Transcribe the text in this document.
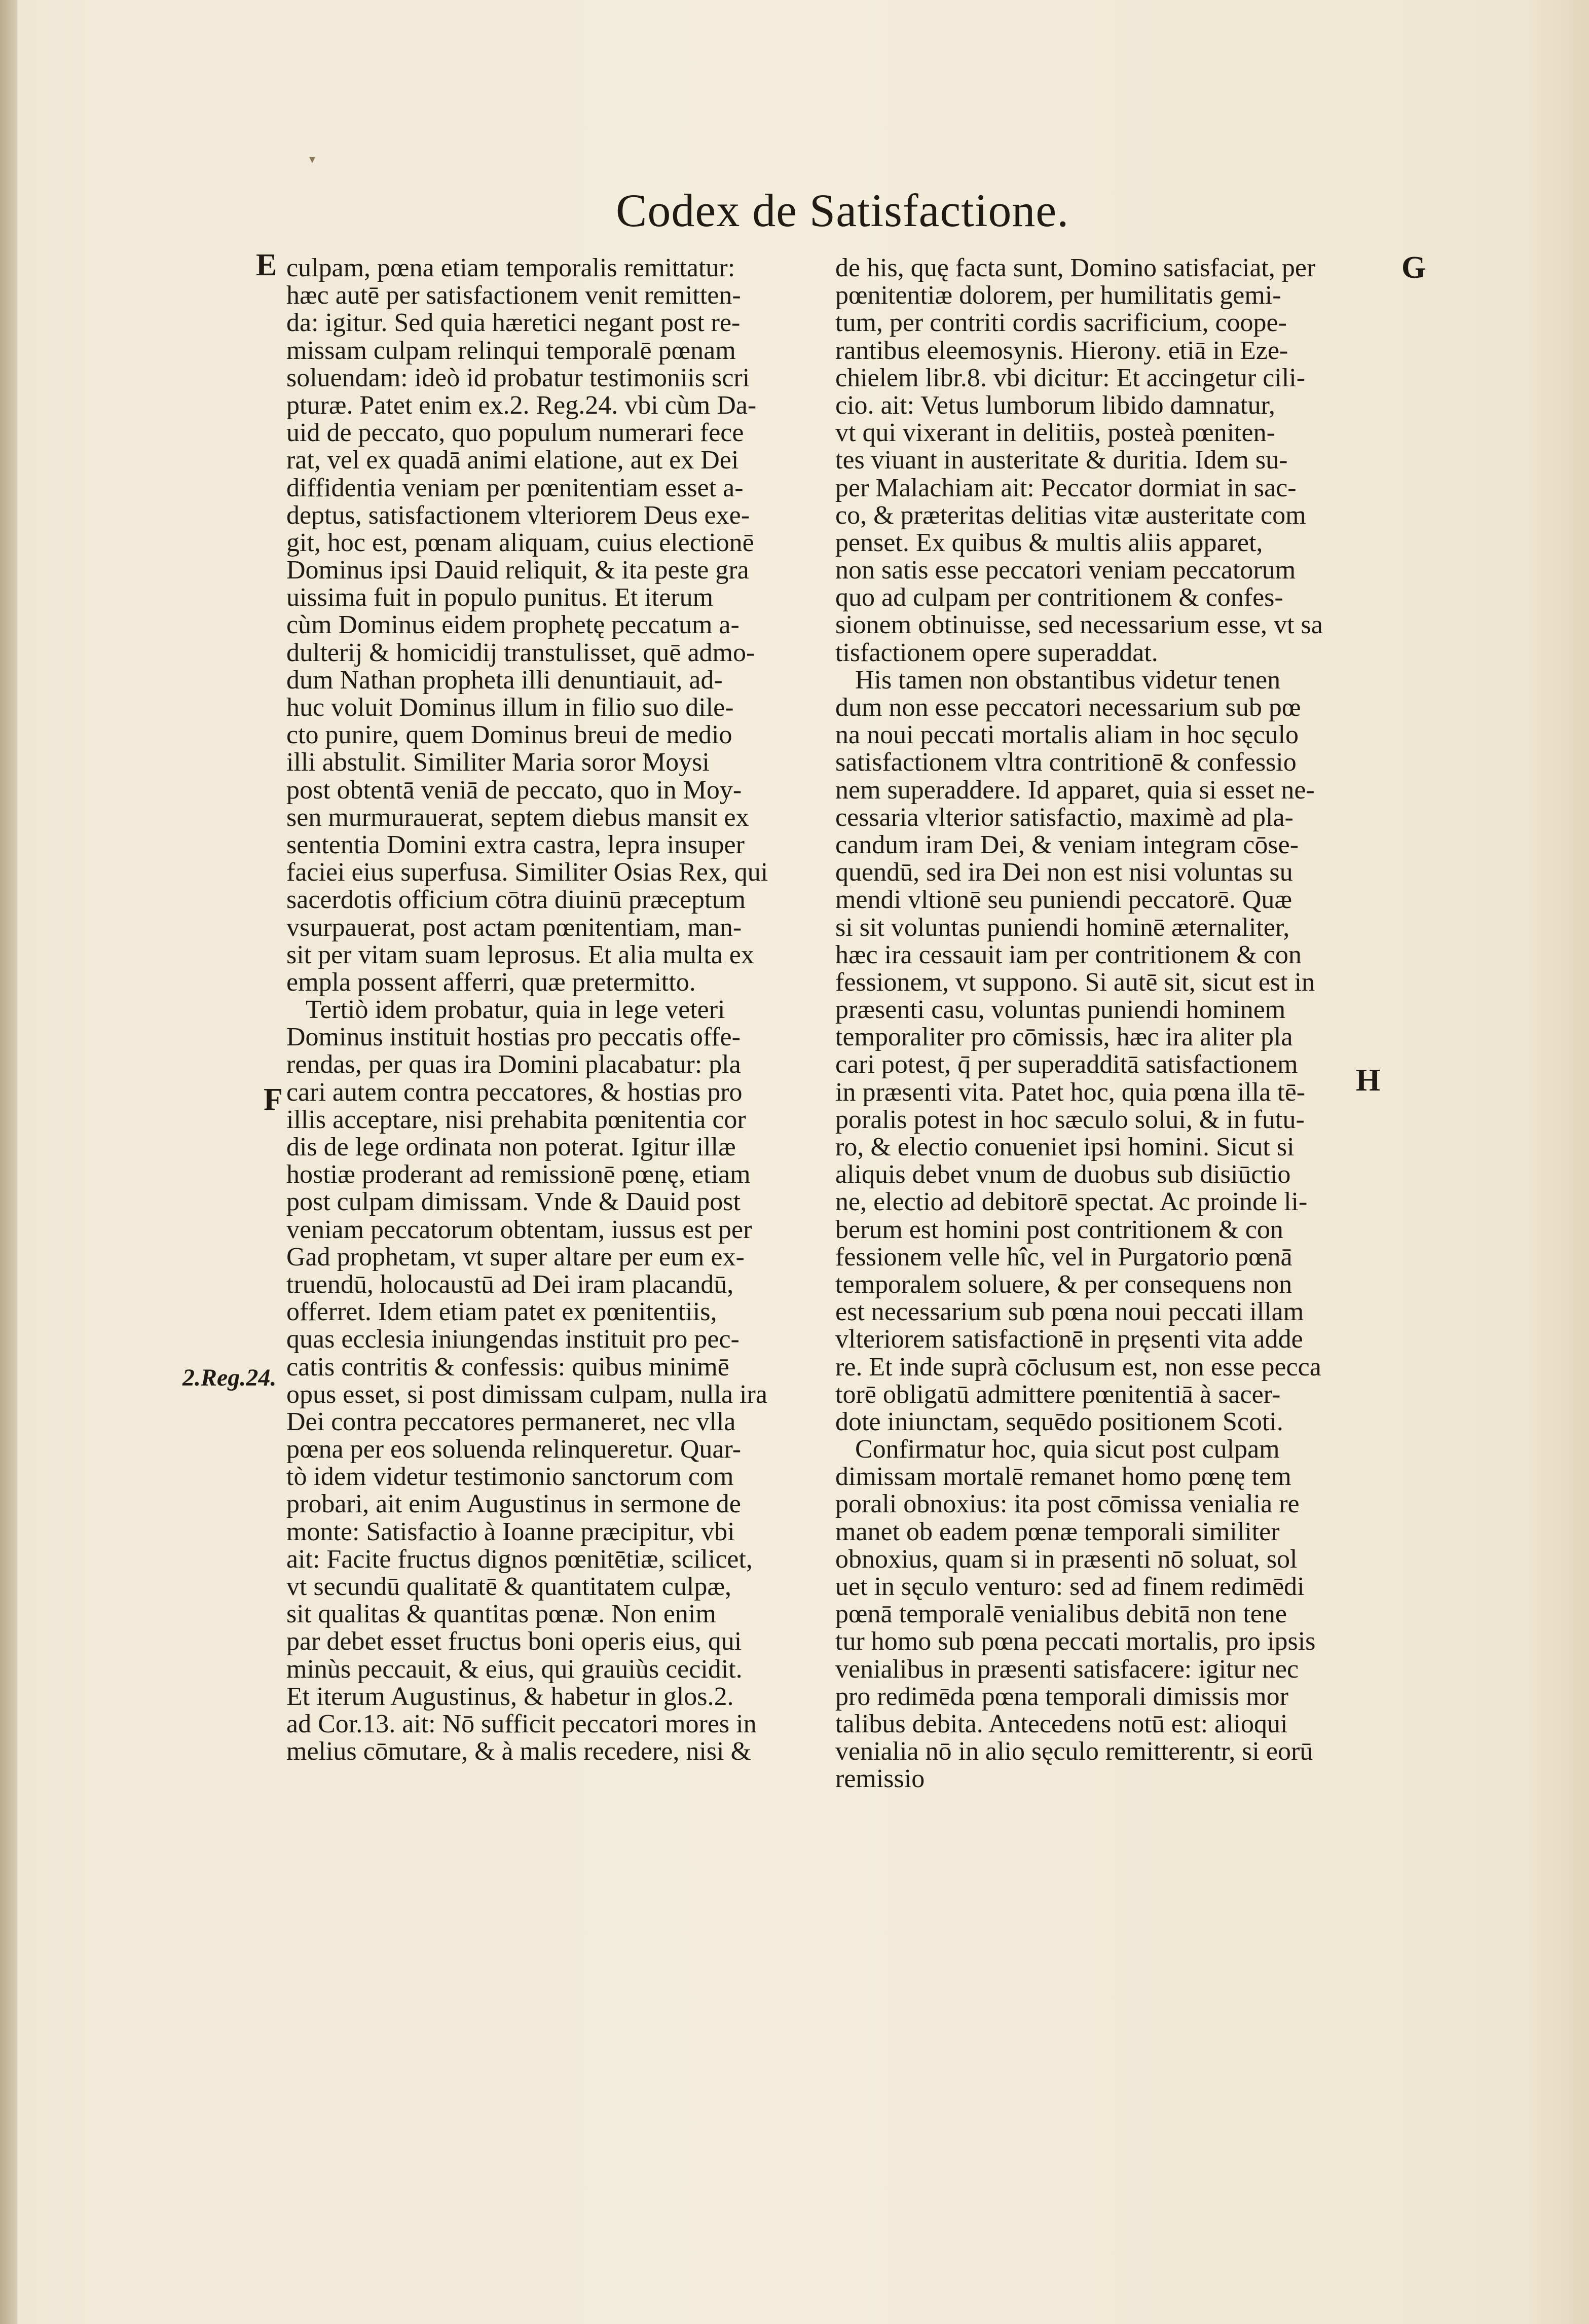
▾
Codex de Satisfactione.
E
F
G
H
2.Reg.24.
culpam, pœna etiam temporalis remittatur:
hæc autē per satisfactionem venit remitten-
da: igitur. Sed quia hæretici negant post re-
missam culpam relinqui temporalē pœnam
soluendam: ideò id probatur testimoniis scri
pturæ. Patet enim ex.2. Reg.24. vbi cùm Da-
uid de peccato, quo populum numerari fece
rat, vel ex quadā animi elatione, aut ex Dei
diffidentia veniam per pœnitentiam esset a-
deptus, satisfactionem vlteriorem Deus exe-
git, hoc est, pœnam aliquam, cuius electionē
Dominus ipsi Dauid reliquit, & ita peste gra
uissima fuit in populo punitus. Et iterum
cùm Dominus eidem prophetę peccatum a-
dulterij & homicidij transtulisset, quē admo-
dum Nathan propheta illi denuntiauit, ad-
huc voluit Dominus illum in filio suo dile-
cto punire, quem Dominus breui de medio
illi abstulit. Similiter Maria soror Moysi
post obtentā veniā de peccato, quo in Moy-
sen murmurauerat, septem diebus mansit ex
sententia Domini extra castra, lepra insuper
faciei eius superfusa. Similiter Osias Rex, qui
sacerdotis officium cōtra diuinū præceptum
vsurpauerat, post actam pœnitentiam, man-
sit per vitam suam leprosus. Et alia multa ex
empla possent afferri, quæ pretermitto.
Tertiò idem probatur, quia in lege veteri
Dominus instituit hostias pro peccatis offe-
rendas, per quas ira Domini placabatur: pla
cari autem contra peccatores, & hostias pro
illis acceptare, nisi prehabita pœnitentia cor
dis de lege ordinata non poterat. Igitur illæ
hostiæ proderant ad remissionē pœnę, etiam
post culpam dimissam. Vnde & Dauid post
veniam peccatorum obtentam, iussus est per
Gad prophetam, vt super altare per eum ex-
truendū, holocaustū ad Dei iram placandū,
offerret. Idem etiam patet ex pœnitentiis,
quas ecclesia iniungendas instituit pro pec-
catis contritis & confessis: quibus minimē
opus esset, si post dimissam culpam, nulla ira
Dei contra peccatores permaneret, nec vlla
pœna per eos soluenda relinqueretur. Quar-
tò idem videtur testimonio sanctorum com
probari, ait enim Augustinus in sermone de
monte: Satisfactio à Ioanne præcipitur, vbi
ait: Facite fructus dignos pœnitētiæ, scilicet,
vt secundū qualitatē & quantitatem culpæ,
sit qualitas & quantitas pœnæ. Non enim
par debet esset fructus boni operis eius, qui
minùs peccauit, & eius, qui grauiùs cecidit.
Et iterum Augustinus, & habetur in glos.2.
ad Cor.13. ait: Nō sufficit peccatori mores in
melius cōmutare, & à malis recedere, nisi &
de his, quę facta sunt, Domino satisfaciat, per
pœnitentiæ dolorem, per humilitatis gemi-
tum, per contriti cordis sacrificium, coope-
rantibus eleemosynis. Hierony. etiā in Eze-
chielem libr.8. vbi dicitur: Et accingetur cili-
cio. ait: Vetus lumborum libido damnatur,
vt qui vixerant in delitiis, posteà pœniten-
tes viuant in austeritate & duritia. Idem su-
per Malachiam ait: Peccator dormiat in sac-
co, & præteritas delitias vitæ austeritate com
penset. Ex quibus & multis aliis apparet,
non satis esse peccatori veniam peccatorum
quo ad culpam per contritionem & confes-
sionem obtinuisse, sed necessarium esse, vt sa
tisfactionem opere superaddat.
His tamen non obstantibus videtur tenen
dum non esse peccatori necessarium sub pœ
na noui peccati mortalis aliam in hoc sęculo
satisfactionem vltra contritionē & confessio
nem superaddere. Id apparet, quia si esset ne-
cessaria vlterior satisfactio, maximè ad pla-
candum iram Dei, & veniam integram cōse-
quendū, sed ira Dei non est nisi voluntas su
mendi vltionē seu puniendi peccatorē. Quæ
si sit voluntas puniendi hominē æternaliter,
hæc ira cessauit iam per contritionem & con
fessionem, vt suppono. Si autē sit, sicut est in
præsenti casu, voluntas puniendi hominem
temporaliter pro cōmissis, hæc ira aliter pla
cari potest, q̄ per superadditā satisfactionem
in præsenti vita. Patet hoc, quia pœna illa tē-
poralis potest in hoc sæculo solui, & in futu-
ro, & electio conueniet ipsi homini. Sicut si
aliquis debet vnum de duobus sub disiūctio
ne, electio ad debitorē spectat. Ac proinde li-
berum est homini post contritionem & con
fessionem velle hîc, vel in Purgatorio pœnā
temporalem soluere, & per consequens non
est necessarium sub pœna noui peccati illam
vlteriorem satisfactionē in pręsenti vita adde
re. Et inde suprà cōclusum est, non esse pecca
torē obligatū admittere pœnitentiā à sacer-
dote iniunctam, sequēdo positionem Scoti.
Confirmatur hoc, quia sicut post culpam
dimissam mortalē remanet homo pœnę tem
porali obnoxius: ita post cōmissa venialia re
manet ob eadem pœnæ temporali similiter
obnoxius, quam si in præsenti nō soluat, sol
uet in sęculo venturo: sed ad finem redimēdi
pœnā temporalē venialibus debitā non tene
tur homo sub pœna peccati mortalis, pro ipsis
venialibus in præsenti satisfacere: igitur nec
pro redimēda pœna temporali dimissis mor
talibus debita. Antecedens notū est: alioqui
venialia nō in alio sęculo remitterentr, si eorū
remissio
